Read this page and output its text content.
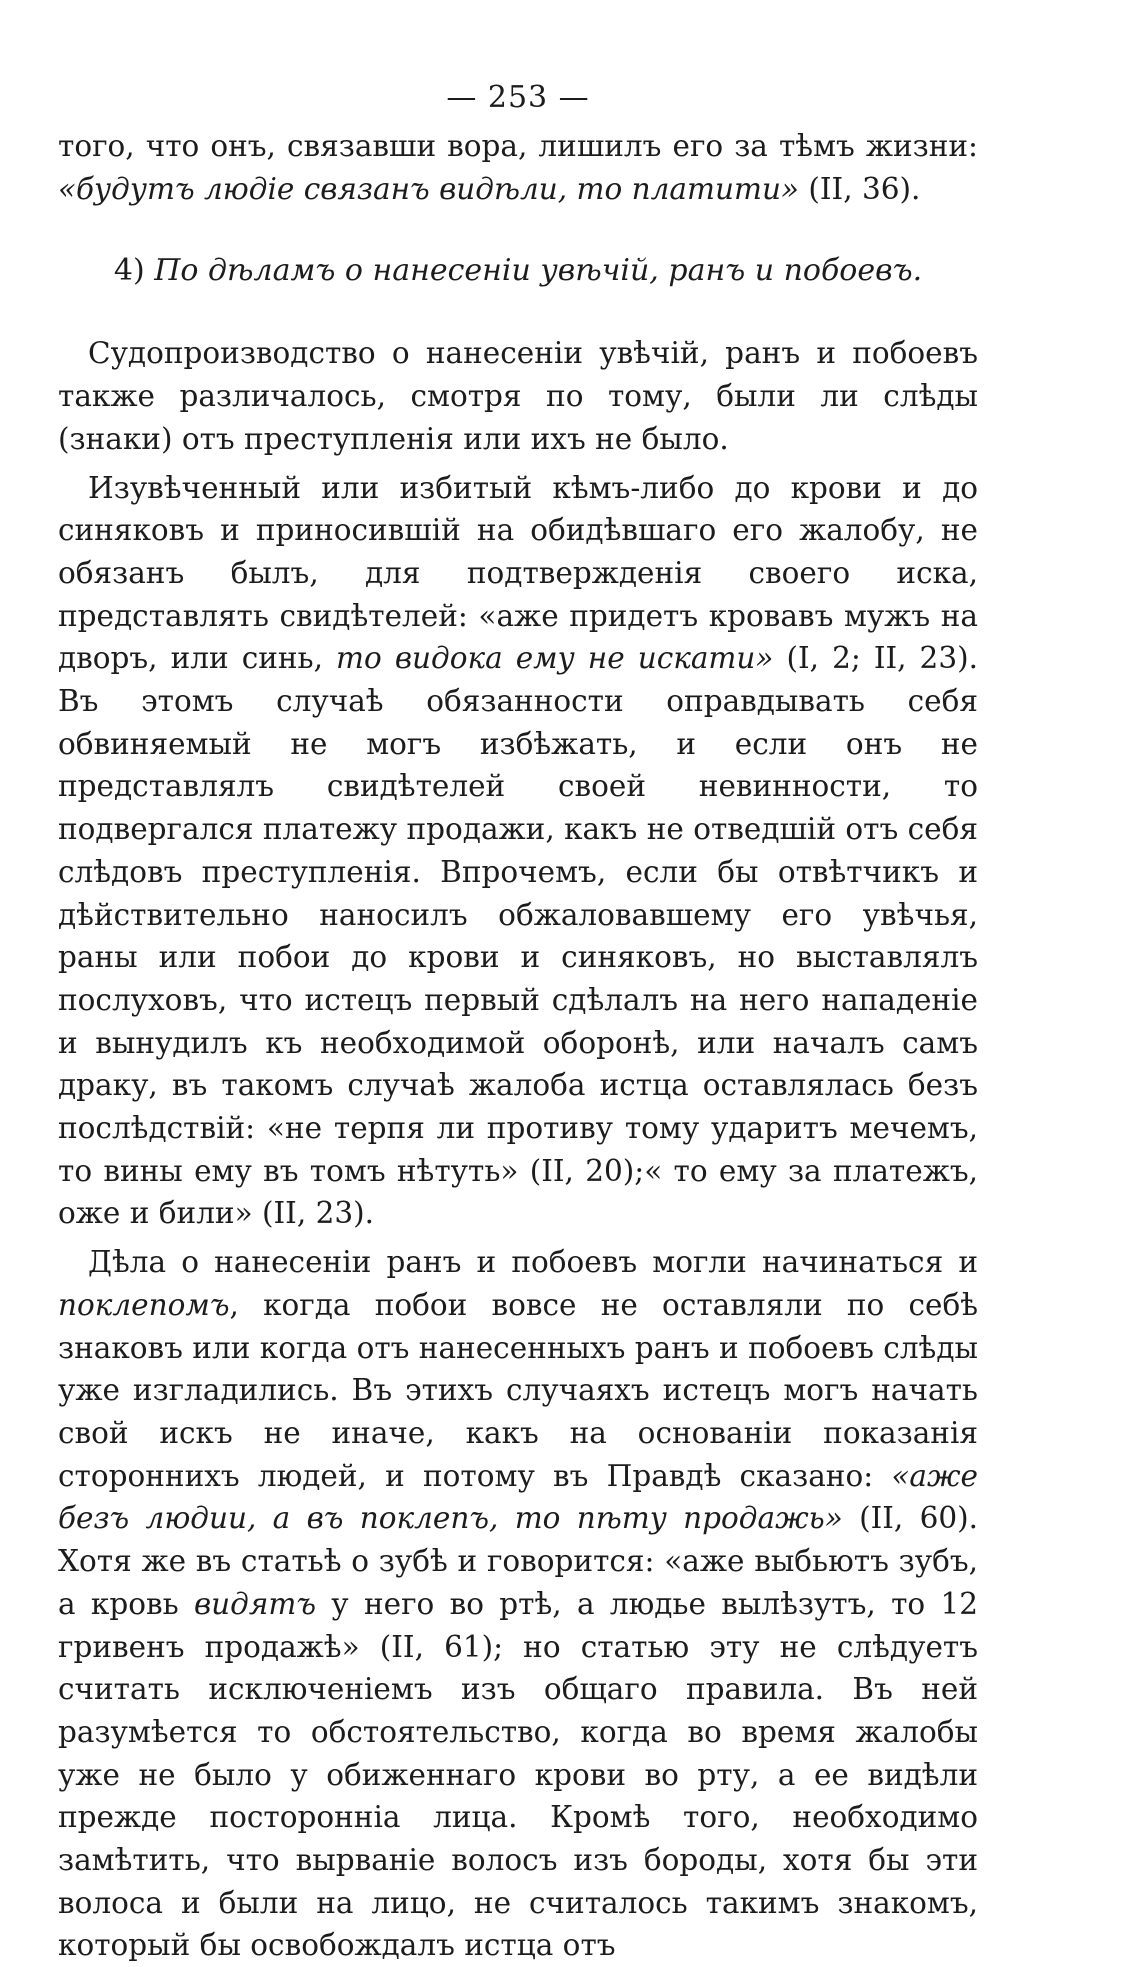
— 253 —

того, что онъ, связавши вора, лишилъ его за тѣмъ жизни: «будутъ людіе связанъ видѣли, то платити» (II, 36).

4) По дѣламъ о нанесеніи увѣчій, ранъ и побоевъ.

Судопроизводство о нанесеніи увѣчій, ранъ и побоевъ также различалось, смотря по тому, были ли слѣды (знаки) отъ преступленія или ихъ не было.

Изувѣченный или избитый кѣмъ-либо до крови и до синяковъ и приносившій на обидѣвшаго его жалобу, не обязанъ былъ, для подтвержденія своего иска, представлять свидѣтелей: «аже придетъ кровавъ мужъ на дворъ, или синь, то видока ему не искати» (I, 2; II, 23). Въ этомъ случаѣ обязанности оправдывать себя обвиняемый не могъ избѣжать, и если онъ не представлялъ свидѣтелей своей невинности, то подвергался платежу продажи, какъ не отведшій отъ себя слѣдовъ преступленія. Впрочемъ, если бы отвѣтчикъ и дѣйствительно наносилъ обжаловавшему его увѣчья, раны или побои до крови и синяковъ, но выставлялъ послуховъ, что истецъ первый сдѣлалъ на него нападеніе и вынудилъ къ необходимой оборонѣ, или началъ самъ драку, въ такомъ случаѣ жалоба истца оставлялась безъ послѣдствій: «не терпя ли противу тому ударитъ мечемъ, то вины ему въ томъ нѣтуть» (II, 20);« то ему за платежъ, оже и били» (II, 23).

Дѣла о нанесеніи ранъ и побоевъ могли начинаться и поклепомъ, когда побои вовсе не оставляли по себѣ знаковъ или когда отъ нанесенныхъ ранъ и побоевъ слѣды уже изгладились. Въ этихъ случаяхъ истецъ могъ начать свой искъ не иначе, какъ на основаніи показанія стороннихъ людей, и потому въ Правдѣ сказано: «аже безъ людии, а въ поклепъ, то пѣту продажь» (II, 60). Хотя же въ статьѣ о зубѣ и говорится: «аже выбьютъ зубъ, а кровь видятъ у него во ртѣ, а людье вылѣзутъ, то 12 гривенъ продажѣ» (II, 61); но статью эту не слѣдуетъ считать исключеніемъ изъ общаго правила. Въ ней разумѣется то обстоятельство, когда во время жалобы уже не было у обиженнаго крови во рту, а ее видѣли прежде посторонніа лица. Кромѣ того, необходимо замѣтить, что вырваніе волосъ изъ бороды, хотя бы эти волоса и были на лицо, не считалось такимъ знакомъ, который бы освобождалъ истца отъ
